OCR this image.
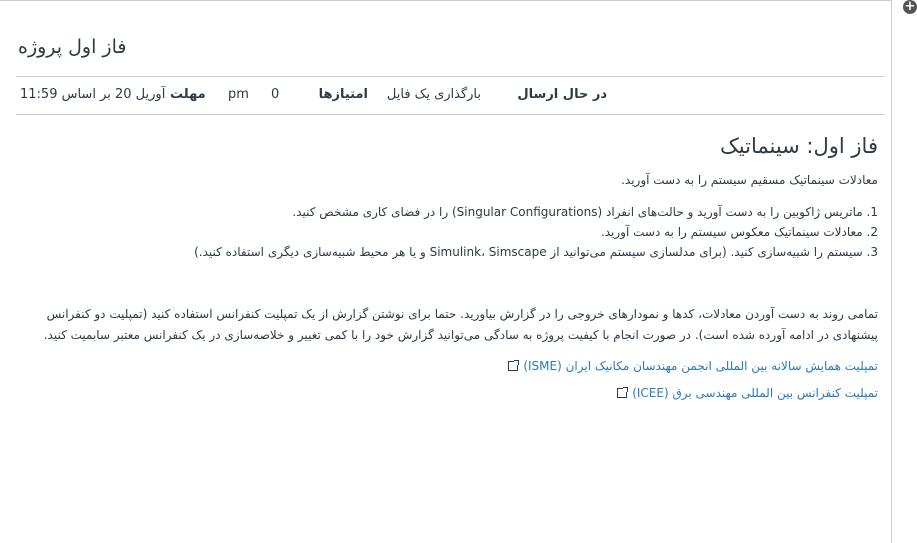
+
فاز اول پروژه
در حال ارسال
بارگذاری یک فایل
امتیازها
0
pm
مهلت
آوریل 20 بر اساس 11:59
فاز اول: سینماتیک

معادلات سینماتیک مسقیم سیستم را به دست آورید.

1. ماتریس ژاکوبین را به دست آورید و حالت‌های انفراد (Singular Configurations) را در فضای کاری مشخص کنید.
2. معادلات سینماتیک معکوس سیستم را به دست آورید.
3. سیستم را شبیه‌سازی کنید. (برای مدلسازی سیستم می‌توانید از Simulink، Simscape و یا هر محیط شبیه‌سازی دیگری استفاده کنید.)

تمامی روند به دست آوردن معادلات، کدها و نمودارهای خروجی را در گزارش بیاورید. حتما برای نوشتن گزارش از یک تمپلیت کنفرانس استفاده کنید (تمپلیت دو کنفرانس پیشنهادی در ادامه آورده شده است). در صورت انجام با کیفیت پروژه به سادگی می‌توانید گزارش خود را با کمی تغییر و خلاصه‌سازی در یک کنفرانس معتبر سابمیت کنید.

تمپلیت همایش سالانه بین المللی انجمن مهندسان مکانیک ایران (ISME)
تمپلیت کنفرانس بین المللی مهندسی برق (ICEE)
